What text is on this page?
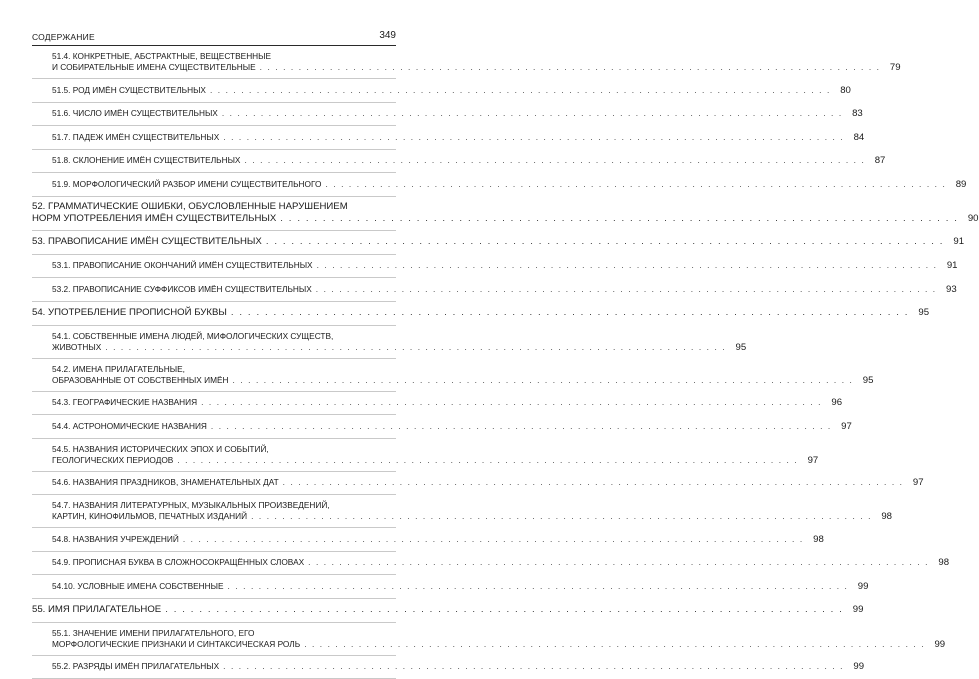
СОДЕРЖАНИЕ	349
51.4. КОНКРЕТНЫЕ, АБСТРАКТНЫЕ, ВЕЩЕСТВЕННЫЕ
И СОБИРАТЕЛЬНЫЕ ИМЕНА СУЩЕСТВИТЕЛЬНЫЕ . . . . . . . . . . . . . . . . . . . . . . . . . . . . . . . . . . . . . . . . . . . . . . . . . . . . . . . . . . . . . . . . . . . . . . . . . . . . . . . . 79
51.5. РОД ИМЁН СУЩЕСТВИТЕЛЬНЫХ . . . . . . . . . . . . . . . . . . . . . . . . . . . . . . . . . . . . . . . . . . . . . . . . . . . . . . . . . . . . . . . . . . . . . . . . . . . . . . . . 80
51.6. ЧИСЛО ИМЁН СУЩЕСТВИТЕЛЬНЫХ . . . . . . . . . . . . . . . . . . . . . . . . . . . . . . . . . . . . . . . . . . . . . . . . . . . . . . . . . . . . . . . . . . . . . . . . . . . . . . . . 83
51.7. ПАДЕЖ ИМЁН СУЩЕСТВИТЕЛЬНЫХ . . . . . . . . . . . . . . . . . . . . . . . . . . . . . . . . . . . . . . . . . . . . . . . . . . . . . . . . . . . . . . . . . . . . . . . . . . . . . . . . 84
51.8. СКЛОНЕНИЕ ИМЁН СУЩЕСТВИТЕЛЬНЫХ . . . . . . . . . . . . . . . . . . . . . . . . . . . . . . . . . . . . . . . . . . . . . . . . . . . . . . . . . . . . . . . . . . . . . . . . . . . . . . . . 87
51.9. МОРФОЛОГИЧЕСКИЙ РАЗБОР ИМЕНИ СУЩЕСТВИТЕЛЬНОГО . . . . . . . . . . . . . . . . . . . . . . . . . . . . . . . . . . . . . . . . . . . . . . . . . . . . . . . . . . . . . . . . . . . . . . . . . . . . . . . . 89
52. ГРАММАТИЧЕСКИЕ ОШИБКИ, ОБУСЛОВЛЕННЫЕ НАРУШЕНИЕМ
НОРМ УПОТРЕБЛЕНИЯ ИМЁН СУЩЕСТВИТЕЛЬНЫХ . . . . . . . . . . . . . . . . . . . . . . . . . . . . . . . . . . . . . . . . . . . . . . . . . . . . . . . . . . . . . . . . . . . . . . . . . . . . . . . . 90
53. ПРАВОПИСАНИЕ ИМЁН СУЩЕСТВИТЕЛЬНЫХ . . . . . . . . . . . . . . . . . . . . . . . . . . . . . . . . . . . . . . . . . . . . . . . . . . . . . . . . . . . . . . . . . . . . . . . . . . . . . . . . 91
53.1. ПРАВОПИСАНИЕ ОКОНЧАНИЙ ИМЁН СУЩЕСТВИТЕЛЬНЫХ . . . . . . . . . . . . . . . . . . . . . . . . . . . . . . . . . . . . . . . . . . . . . . . . . . . . . . . . . . . . . . . . . . . . . . . . . . . . . . . . 91
53.2. ПРАВОПИСАНИЕ СУФФИКСОВ ИМЁН СУЩЕСТВИТЕЛЬНЫХ . . . . . . . . . . . . . . . . . . . . . . . . . . . . . . . . . . . . . . . . . . . . . . . . . . . . . . . . . . . . . . . . . . . . . . . . . . . . . . . . 93
54. УПОТРЕБЛЕНИЕ ПРОПИСНОЙ БУКВЫ . . . . . . . . . . . . . . . . . . . . . . . . . . . . . . . . . . . . . . . . . . . . . . . . . . . . . . . . . . . . . . . . . . . . . . . . . . . . . . . . 95
54.1. СОБСТВЕННЫЕ ИМЕНА ЛЮДЕЙ, МИФОЛОГИЧЕСКИХ СУЩЕСТВ,
ЖИВОТНЫХ . . . . . . . . . . . . . . . . . . . . . . . . . . . . . . . . . . . . . . . . . . . . . . . . . . . . . . . . . . . . . . . . . . . . . . . . . . . . . . . . 95
54.2. ИМЕНА ПРИЛАГАТЕЛЬНЫЕ,
ОБРАЗОВАННЫЕ ОТ СОБСТВЕННЫХ ИМЁН . . . . . . . . . . . . . . . . . . . . . . . . . . . . . . . . . . . . . . . . . . . . . . . . . . . . . . . . . . . . . . . . . . . . . . . . . . . . . . . . 95
54.3. ГЕОГРАФИЧЕСКИЕ НАЗВАНИЯ . . . . . . . . . . . . . . . . . . . . . . . . . . . . . . . . . . . . . . . . . . . . . . . . . . . . . . . . . . . . . . . . . . . . . . . . . . . . . . . . 96
54.4. АСТРОНОМИЧЕСКИЕ НАЗВАНИЯ . . . . . . . . . . . . . . . . . . . . . . . . . . . . . . . . . . . . . . . . . . . . . . . . . . . . . . . . . . . . . . . . . . . . . . . . . . . . . . . . 97
54.5. НАЗВАНИЯ ИСТОРИЧЕСКИХ ЭПОХ И СОБЫТИЙ,
ГЕОЛОГИЧЕСКИХ ПЕРИОДОВ . . . . . . . . . . . . . . . . . . . . . . . . . . . . . . . . . . . . . . . . . . . . . . . . . . . . . . . . . . . . . . . . . . . . . . . . . . . . . . . . 97
54.6. НАЗВАНИЯ ПРАЗДНИКОВ, ЗНАМЕНАТЕЛЬНЫХ ДАТ . . . . . . . . . . . . . . . . . . . . . . . . . . . . . . . . . . . . . . . . . . . . . . . . . . . . . . . . . . . . . . . . . . . . . . . . . . . . . . . . 97
54.7. НАЗВАНИЯ ЛИТЕРАТУРНЫХ, МУЗЫКАЛЬНЫХ ПРОИЗВЕДЕНИЙ,
КАРТИН, КИНОФИЛЬМОВ, ПЕЧАТНЫХ ИЗДАНИЙ . . . . . . . . . . . . . . . . . . . . . . . . . . . . . . . . . . . . . . . . . . . . . . . . . . . . . . . . . . . . . . . . . . . . . . . . . . . . . . . . 98
54.8. НАЗВАНИЯ УЧРЕЖДЕНИЙ . . . . . . . . . . . . . . . . . . . . . . . . . . . . . . . . . . . . . . . . . . . . . . . . . . . . . . . . . . . . . . . . . . . . . . . . . . . . . . . . 98
54.9. ПРОПИСНАЯ БУКВА В СЛОЖНОСОКРАЩЁННЫХ СЛОВАХ . . . . . . . . . . . . . . . . . . . . . . . . . . . . . . . . . . . . . . . . . . . . . . . . . . . . . . . . . . . . . . . . . . . . . . . . . . . . . . . . 98
54.10. УСЛОВНЫЕ ИМЕНА СОБСТВЕННЫЕ . . . . . . . . . . . . . . . . . . . . . . . . . . . . . . . . . . . . . . . . . . . . . . . . . . . . . . . . . . . . . . . . . . . . . . . . . . . . . . . . 99
55. ИМЯ ПРИЛАГАТЕЛЬНОЕ . . . . . . . . . . . . . . . . . . . . . . . . . . . . . . . . . . . . . . . . . . . . . . . . . . . . . . . . . . . . . . . . . . . . . . . . . . . . . . . . 99
55.1. ЗНАЧЕНИЕ ИМЕНИ ПРИЛАГАТЕЛЬНОГО, ЕГО
МОРФОЛОГИЧЕСКИЕ ПРИЗНАКИ И СИНТАКСИЧЕСКАЯ РОЛЬ . . . . . . . . . . . . . . . . . . . . . . . . . . . . . . . . . . . . . . . . . . . . . . . . . . . . . . . . . . . . . . . . . . . . . . . . . . . . . . . . 99
55.2. РАЗРЯДЫ ИМЁН ПРИЛАГАТЕЛЬНЫХ . . . . . . . . . . . . . . . . . . . . . . . . . . . . . . . . . . . . . . . . . . . . . . . . . . . . . . . . . . . . . . . . . . . . . . . . . . . . . . . . 99
